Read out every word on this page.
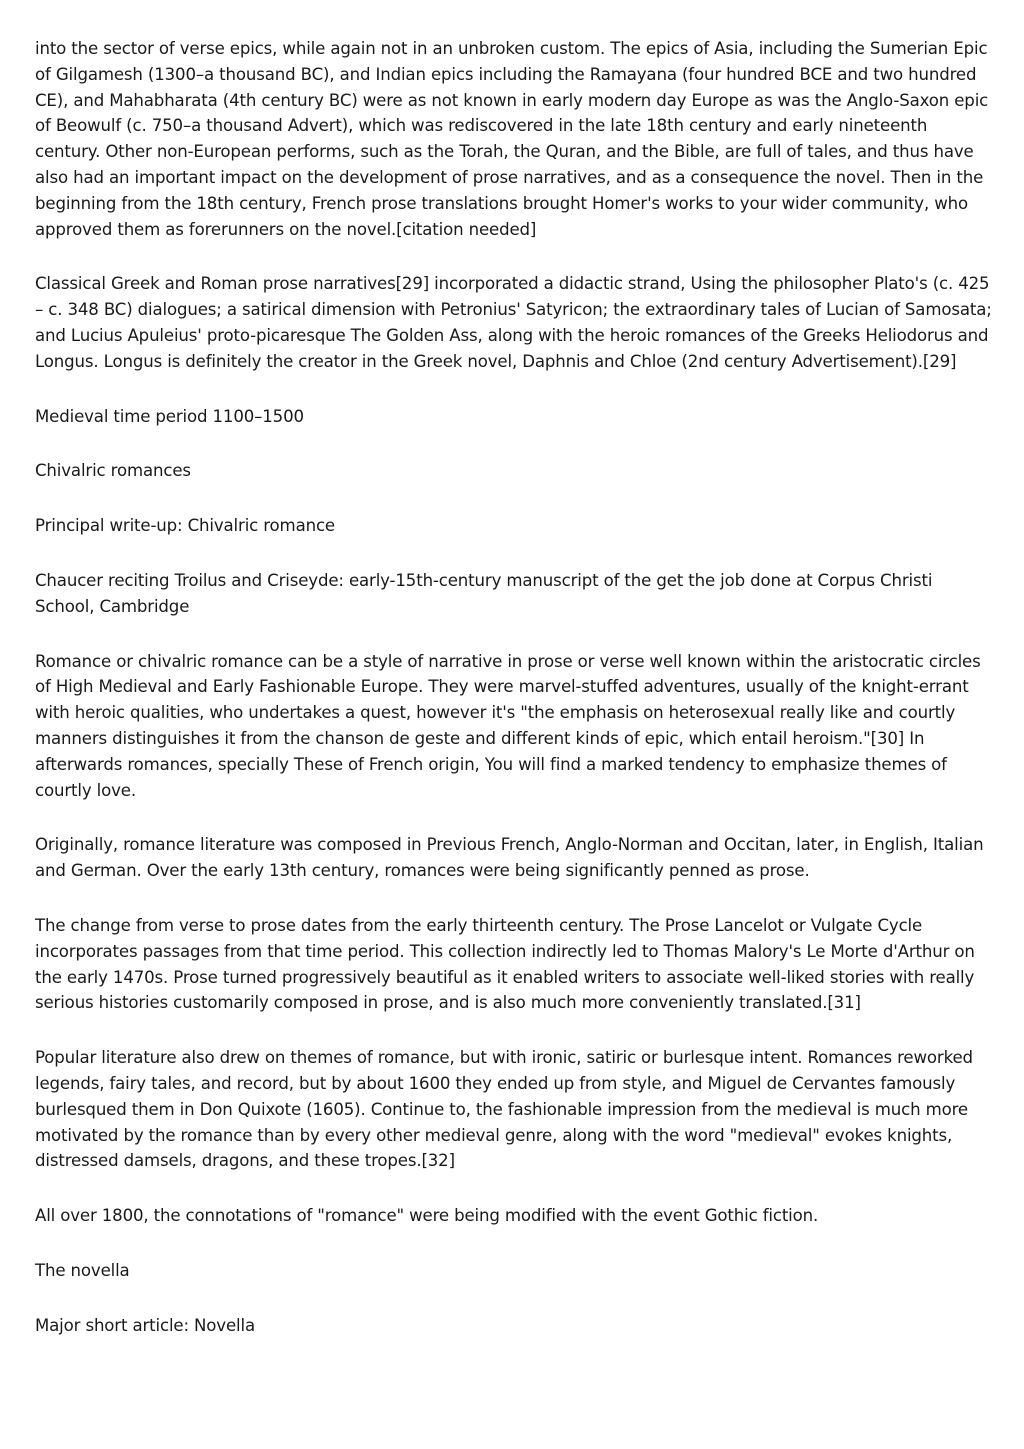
into the sector of verse epics, while again not in an unbroken custom. The epics of Asia, including the Sumerian Epic of Gilgamesh (1300–a thousand BC), and Indian epics including the Ramayana (four hundred BCE and two hundred CE), and Mahabharata (4th century BC) were as not known in early modern day Europe as was the Anglo-Saxon epic of Beowulf (c. 750–a thousand Advert), which was rediscovered in the late 18th century and early nineteenth century. Other non-European performs, such as the Torah, the Quran, and the Bible, are full of tales, and thus have also had an important impact on the development of prose narratives, and as a consequence the novel. Then in the beginning from the 18th century, French prose translations brought Homer's works to your wider community, who approved them as forerunners on the novel.[citation needed]

Classical Greek and Roman prose narratives[29] incorporated a didactic strand, Using the philosopher Plato's (c. 425 – c. 348 BC) dialogues; a satirical dimension with Petronius' Satyricon; the extraordinary tales of Lucian of Samosata; and Lucius Apuleius' proto-picaresque The Golden Ass, along with the heroic romances of the Greeks Heliodorus and Longus. Longus is definitely the creator in the Greek novel, Daphnis and Chloe (2nd century Advertisement).[29]

Medieval time period 1100–1500

Chivalric romances

Principal write-up: Chivalric romance

Chaucer reciting Troilus and Criseyde: early-15th-century manuscript of the get the job done at Corpus Christi School, Cambridge

Romance or chivalric romance can be a style of narrative in prose or verse well known within the aristocratic circles of High Medieval and Early Fashionable Europe. They were marvel-stuffed adventures, usually of the knight-errant with heroic qualities, who undertakes a quest, however it's "the emphasis on heterosexual really like and courtly manners distinguishes it from the chanson de geste and different kinds of epic, which entail heroism."[30] In afterwards romances, specially These of French origin, You will find a marked tendency to emphasize themes of courtly love.

Originally, romance literature was composed in Previous French, Anglo-Norman and Occitan, later, in English, Italian and German. Over the early 13th century, romances were being significantly penned as prose.

The change from verse to prose dates from the early thirteenth century. The Prose Lancelot or Vulgate Cycle incorporates passages from that time period. This collection indirectly led to Thomas Malory's Le Morte d'Arthur on the early 1470s. Prose turned progressively beautiful as it enabled writers to associate well-liked stories with really serious histories customarily composed in prose, and is also much more conveniently translated.[31]

Popular literature also drew on themes of romance, but with ironic, satiric or burlesque intent. Romances reworked legends, fairy tales, and record, but by about 1600 they ended up from style, and Miguel de Cervantes famously burlesqued them in Don Quixote (1605). Continue to, the fashionable impression from the medieval is much more motivated by the romance than by every other medieval genre, along with the word "medieval" evokes knights, distressed damsels, dragons, and these tropes.[32]

All over 1800, the connotations of "romance" were being modified with the event Gothic fiction.

The novella

Major short article: Novella
